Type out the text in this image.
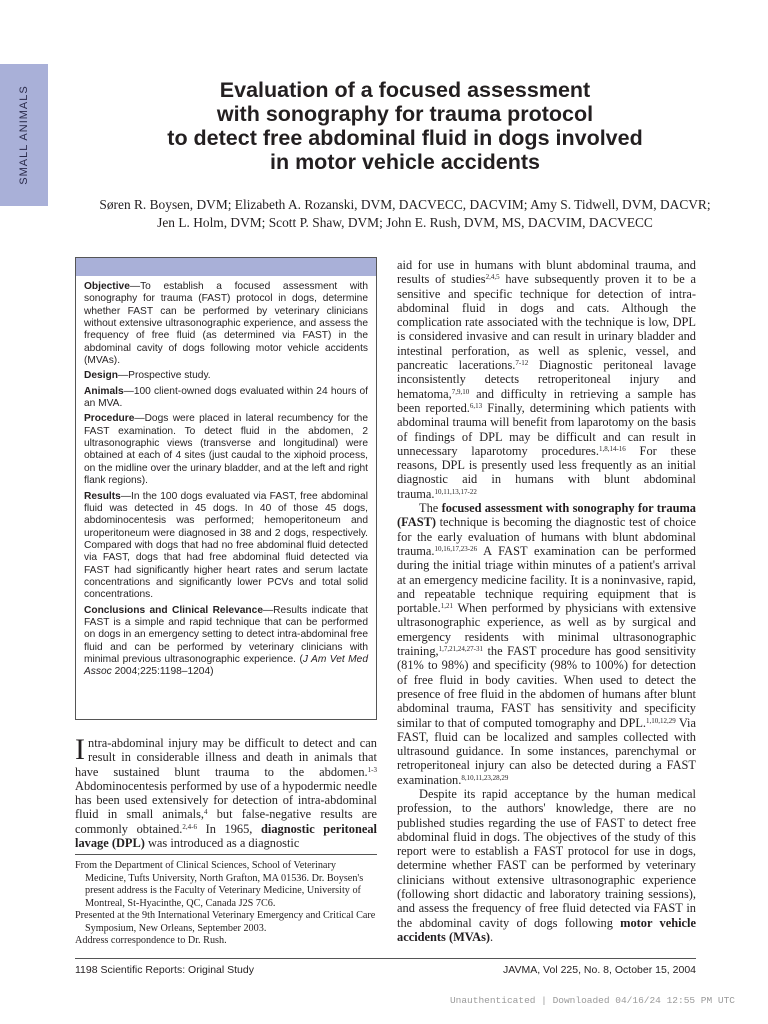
SMALL ANIMALS	Evaluation of a focused assessment
with sonography for trauma protocol
to detect free abdominal fluid in dogs involved
in motor vehicle accidents
Søren R. Boysen, DVM; Elizabeth A. Rozanski, DVM, DACVECC, DACVIM; Amy S. Tidwell, DVM, DACVR;
Jen L. Holm, DVM; Scott P. Shaw, DVM; John E. Rush, DVM, MS, DACVIM, DACVECC

Objective—To establish a focused assessment with sonography for trauma (FAST) protocol in dogs, determine whether FAST can be performed by veterinary clinicians without extensive ultrasonographic experience, and assess the frequency of free fluid (as determined via FAST) in the abdominal cavity of dogs following motor vehicle accidents (MVAs).

Design—Prospective study.

Animals—100 client-owned dogs evaluated within 24 hours of an MVA.

Procedure—Dogs were placed in lateral recumbency for the FAST examination. To detect fluid in the abdomen, 2 ultrasonographic views (transverse and longitudinal) were obtained at each of 4 sites (just caudal to the xiphoid process, on the midline over the urinary bladder, and at the left and right flank regions).

Results—In the 100 dogs evaluated via FAST, free abdominal fluid was detected in 45 dogs. In 40 of those 45 dogs, abdominocentesis was performed; hemoperitoneum and uroperitoneum were diagnosed in 38 and 2 dogs, respectively. Compared with dogs that had no free abdominal fluid detected via FAST, dogs that had free abdominal fluid detected via FAST had significantly higher heart rates and serum lactate concentrations and significantly lower PCVs and total solid concentrations.

Conclusions and Clinical Relevance—Results indicate that FAST is a simple and rapid technique that can be performed on dogs in an emergency setting to detect intra-abdominal free fluid and can be performed by veterinary clinicians with minimal previous ultrasonographic experience. (J Am Vet Med Assoc 2004;225:1198–1204)

Intra-abdominal injury may be difficult to detect and can result in considerable illness and death in animals that have sustained blunt trauma to the abdomen.$^{1-3}$ Abdominocentesis performed by use of a hypodermic needle has been used extensively for detection of intra-abdominal fluid in small animals,$^4$ but false-negative results are commonly obtained.$^{2,4-6}$ In 1965, diagnostic peritoneal lavage (DPL) was introduced as a diagnostic

From the Department of Clinical Sciences, School of Veterinary Medicine, Tufts University, North Grafton, MA 01536. Dr. Boysen's present address is the Faculty of Veterinary Medicine, University of Montreal, St-Hyacinthe, QC, Canada J2S 7C6.

Presented at the 9th International Veterinary Emergency and Critical Care Symposium, New Orleans, September 2003.

Address correspondence to Dr. Rush.

aid for use in humans with blunt abdominal trauma, and results of studies$^{2,4,5}$ have subsequently proven it to be a sensitive and specific technique for detection of intra-abdominal fluid in dogs and cats. Although the complication rate associated with the technique is low, DPL is considered invasive and can result in urinary bladder and intestinal perforation, as well as splenic, vessel, and pancreatic lacerations.$^{7-12}$ Diagnostic peritoneal lavage inconsistently detects retroperitoneal injury and hematoma,$^{7,9,10}$ and difficulty in retrieving a sample has been reported.$^{6,13}$ Finally, determining which patients with abdominal trauma will benefit from laparotomy on the basis of findings of DPL may be difficult and can result in unnecessary laparotomy procedures.$^{1,8,14-16}$ For these reasons, DPL is presently used less frequently as an initial diagnostic aid in humans with blunt abdominal trauma.$^{10,11,13,17-22}$

The focused assessment with sonography for trauma (FAST) technique is becoming the diagnostic test of choice for the early evaluation of humans with blunt abdominal trauma.$^{10,16,17,23-26}$ A FAST examination can be performed during the initial triage within minutes of a patient's arrival at an emergency medicine facility. It is a noninvasive, rapid, and repeatable technique requiring equipment that is portable.$^{1,21}$ When performed by physicians with extensive ultrasonographic experience, as well as by surgical and emergency residents with minimal ultrasonographic training,$^{1,7,21,24,27-31}$ the FAST procedure has good sensitivity (81% to 98%) and specificity (98% to 100%) for detection of free fluid in body cavities. When used to detect the presence of free fluid in the abdomen of humans after blunt abdominal trauma, FAST has sensitivity and specificity similar to that of computed tomography and DPL.$^{1,10,12,29}$ Via FAST, fluid can be localized and samples collected with ultrasound guidance. In some instances, parenchymal or retroperitoneal injury can also be detected during a FAST examination.$^{8,10,11,23,28,29}$

Despite its rapid acceptance by the human medical profession, to the authors' knowledge, there are no published studies regarding the use of FAST to detect free abdominal fluid in dogs. The objectives of the study of this report were to establish a FAST protocol for use in dogs, determine whether FAST can be performed by veterinary clinicians without extensive ultrasonographic experience (following short didactic and laboratory training sessions), and assess the frequency of free fluid detected via FAST in the abdominal cavity of dogs following motor vehicle accidents (MVAs).

1198 Scientific Reports: Original Study	JAVMA, Vol 225, No. 8, October 15, 2004
Unauthenticated | Downloaded 04/16/24 12:55 PM UTC
